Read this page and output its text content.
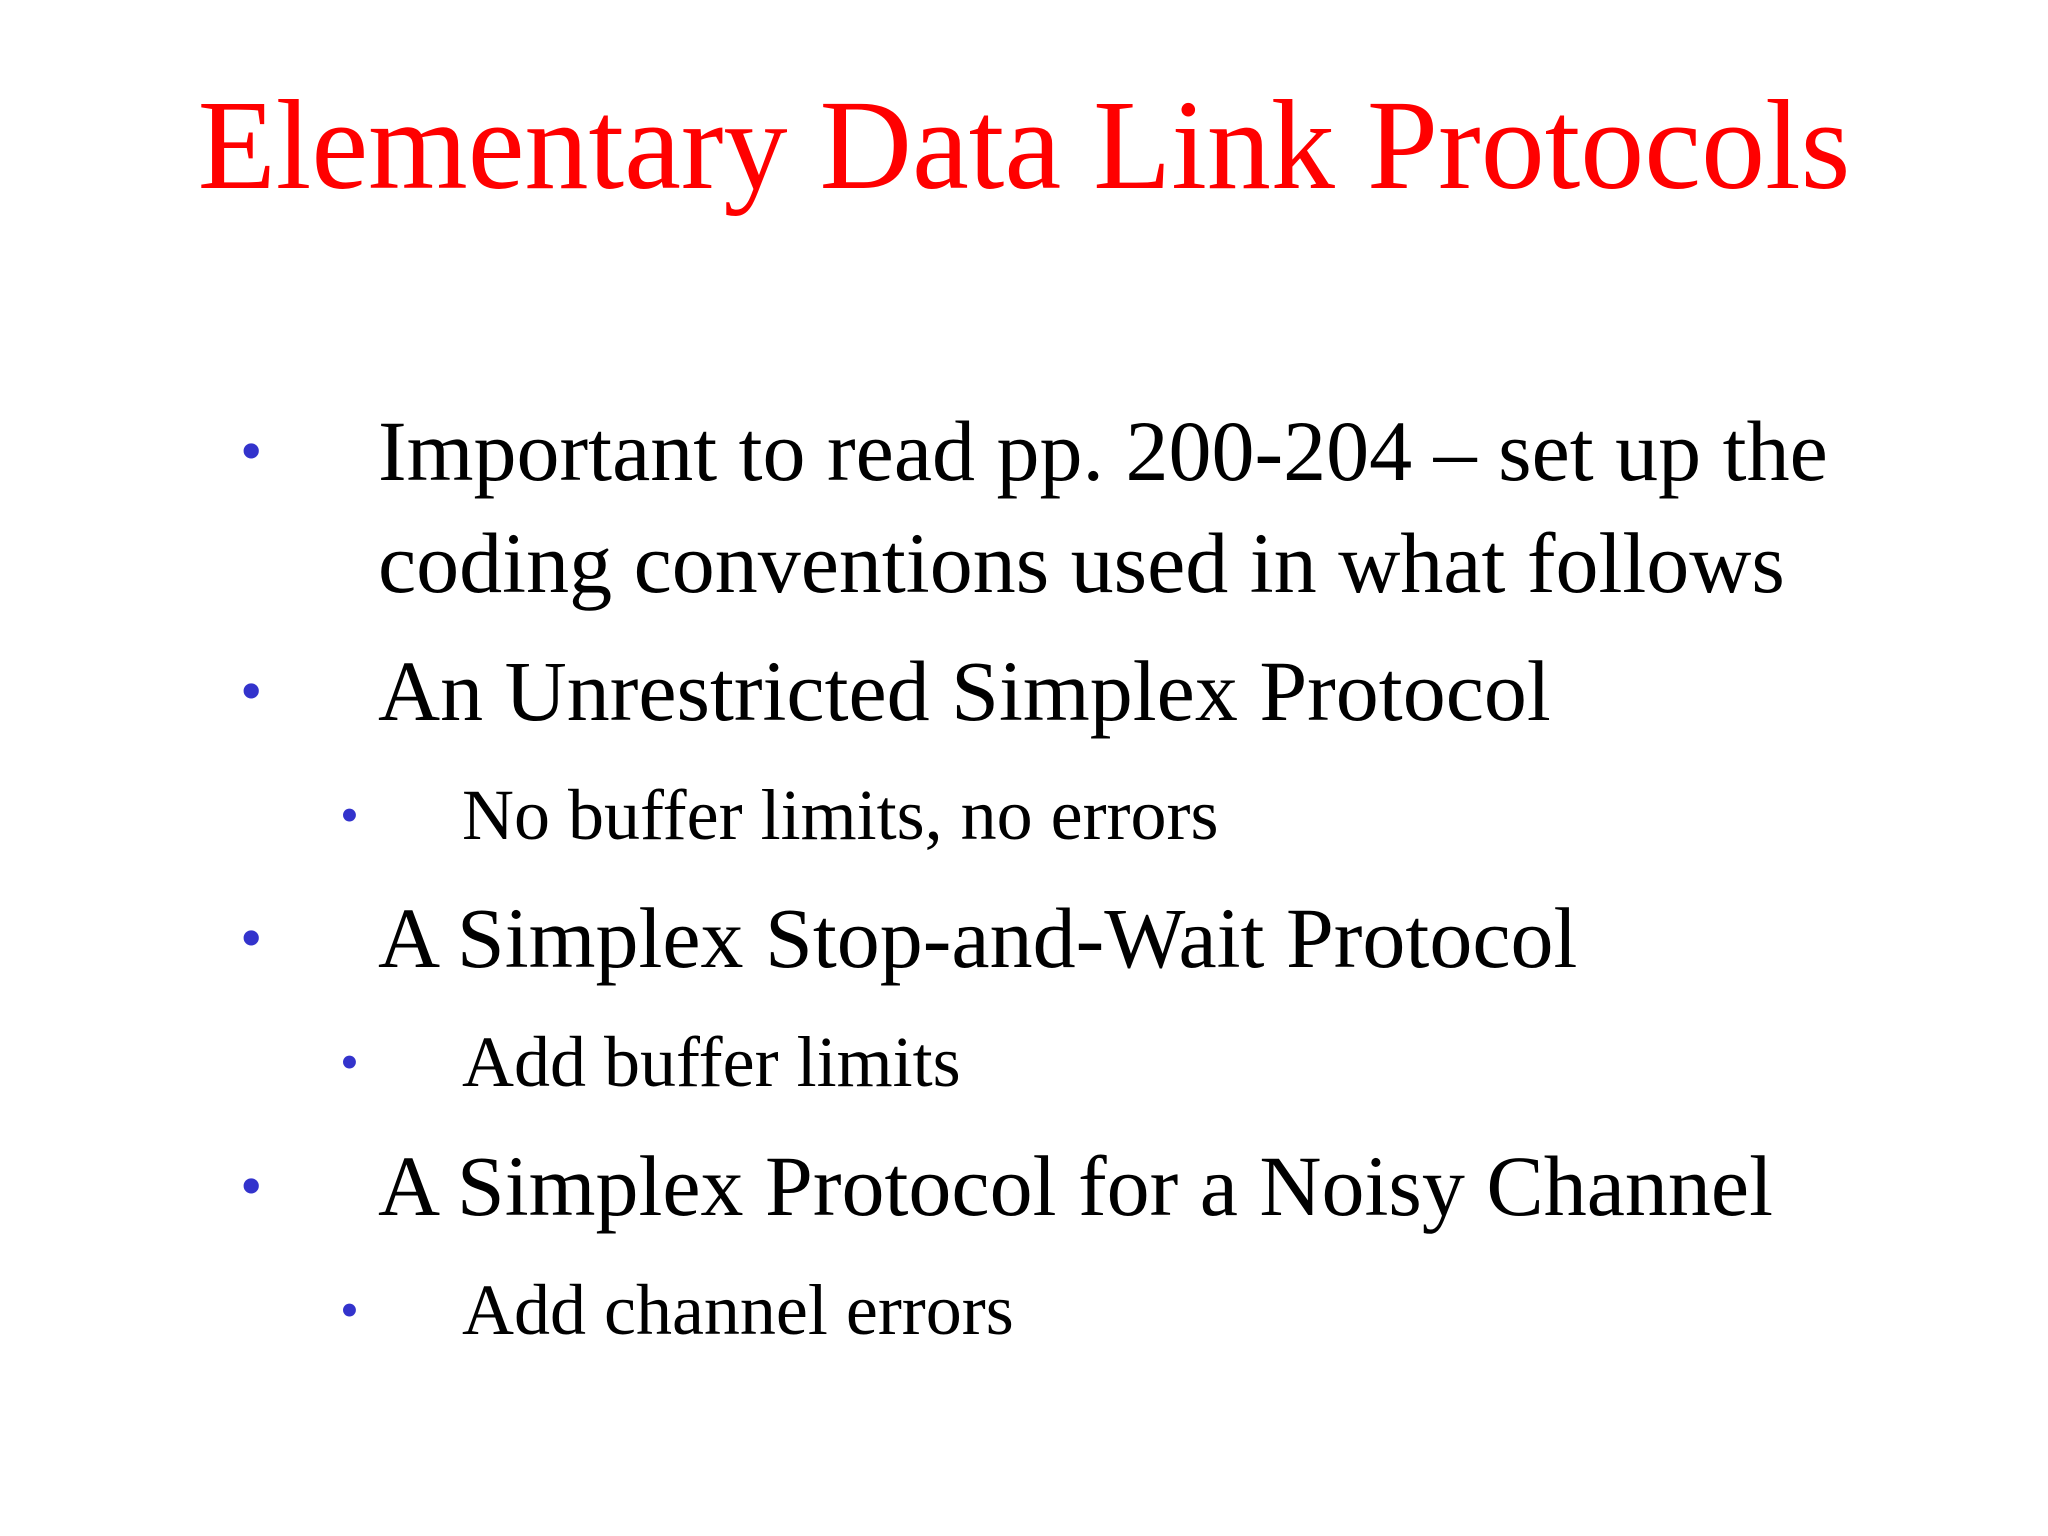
Elementary Data Link Protocols
• Important to read pp. 200-204 – set up the
coding conventions used in what follows
• An Unrestricted Simplex Protocol
• No buffer limits, no errors
• A Simplex Stop-and-Wait Protocol
• Add buffer limits
• A Simplex Protocol for a Noisy Channel
• Add channel errors
